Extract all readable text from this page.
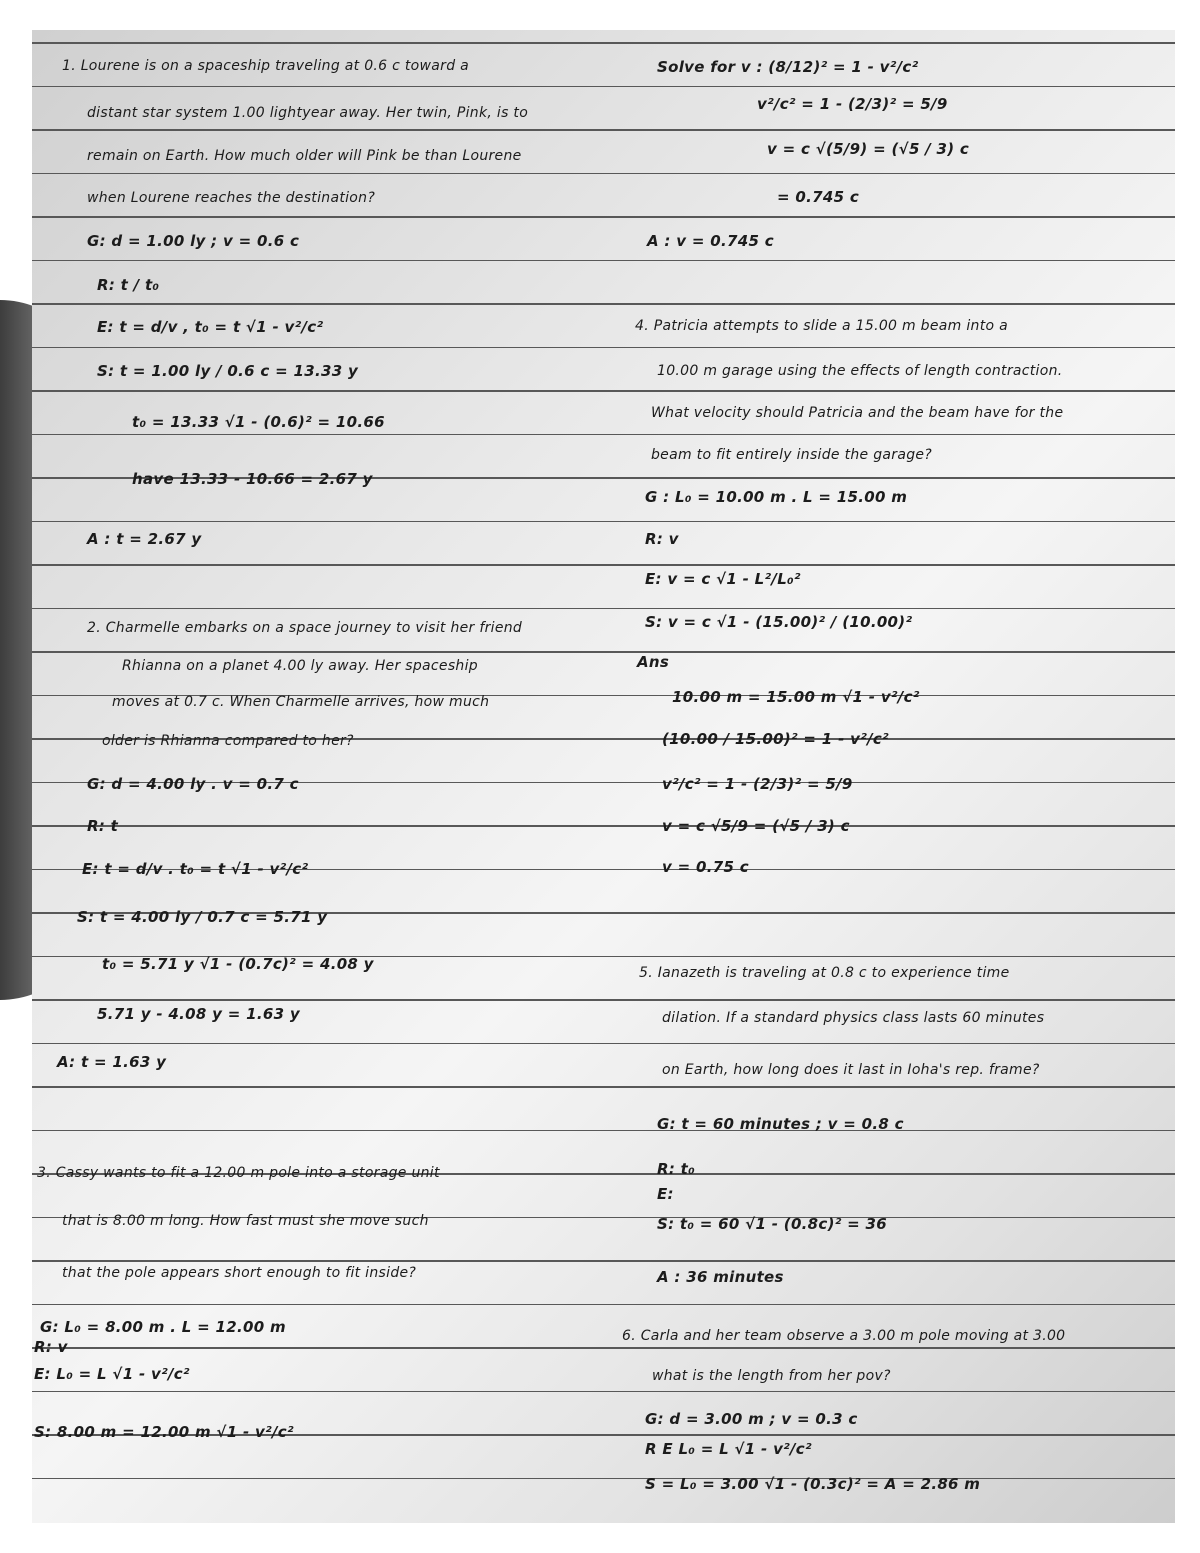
1. Lourene is on a spaceship traveling at 0.6 c toward a
distant star system 1.00 lightyear away. Her twin, Pink, is to
remain on Earth. How much older will Pink be than Lourene
when Lourene reaches the destination?
G: d = 1.00 ly ; v = 0.6 c
R: t / t₀
E: t = d/v , t₀ = t √1 - v²/c²
S: t = 1.00 ly / 0.6 c = 13.33 y
t₀ = 13.33 √1 - (0.6)² = 10.66
have 13.33 - 10.66 = 2.67 y
A : t = 2.67 y
2. Charmelle embarks on a space journey to visit her friend
Rhianna on a planet 4.00 ly away. Her spaceship
moves at 0.7 c. When Charmelle arrives, how much
older is Rhianna compared to her?
G: d = 4.00 ly . v = 0.7 c
R: t
E: t = d/v . t₀ = t √1 - v²/c²
S: t = 4.00 ly / 0.7 c = 5.71 y
t₀ = 5.71 y √1 - (0.7c)² = 4.08 y
5.71 y - 4.08 y = 1.63 y
A: t = 1.63 y
3. Cassy wants to fit a 12.00 m pole into a storage unit
that is 8.00 m long. How fast must she move such
that the pole appears short enough to fit inside?
G: L₀ = 8.00 m . L = 12.00 m
R: v
E: L₀ = L √1 - v²/c²
S: 8.00 m = 12.00 m √1 - v²/c²
Solve for v : (8/12)² = 1 - v²/c²
v²/c² = 1 - (2/3)² = 5/9
v = c √(5/9) = (√5 / 3) c
= 0.745 c
A : v = 0.745 c
4. Patricia attempts to slide a 15.00 m beam into a
10.00 m garage using the effects of length contraction.
What velocity should Patricia and the beam have for the
beam to fit entirely inside the garage?
G : L₀ = 10.00 m . L = 15.00 m
R: v
E: v = c √1 - L²/L₀²
S: v = c √1 - (15.00)² / (10.00)²
Ans
10.00 m = 15.00 m √1 - v²/c²
(10.00 / 15.00)² = 1 - v²/c²
v²/c² = 1 - (2/3)² = 5/9
v = c √5/9 = (√5 / 3) c
v = 0.75 c
5. Ianazeth is traveling at 0.8 c to experience time
dilation. If a standard physics class lasts 60 minutes
on Earth, how long does it last in Ioha's rep. frame?
G: t = 60 minutes ; v = 0.8 c
R: t₀
E:
S: t₀ = 60 √1 - (0.8c)² = 36
A : 36 minutes
6. Carla and her team observe a 3.00 m pole moving at 3.00
what is the length from her pov?
G: d = 3.00 m ; v = 0.3 c
R E L₀ = L √1 - v²/c²
S = L₀ = 3.00 √1 - (0.3c)² = A = 2.86 m
